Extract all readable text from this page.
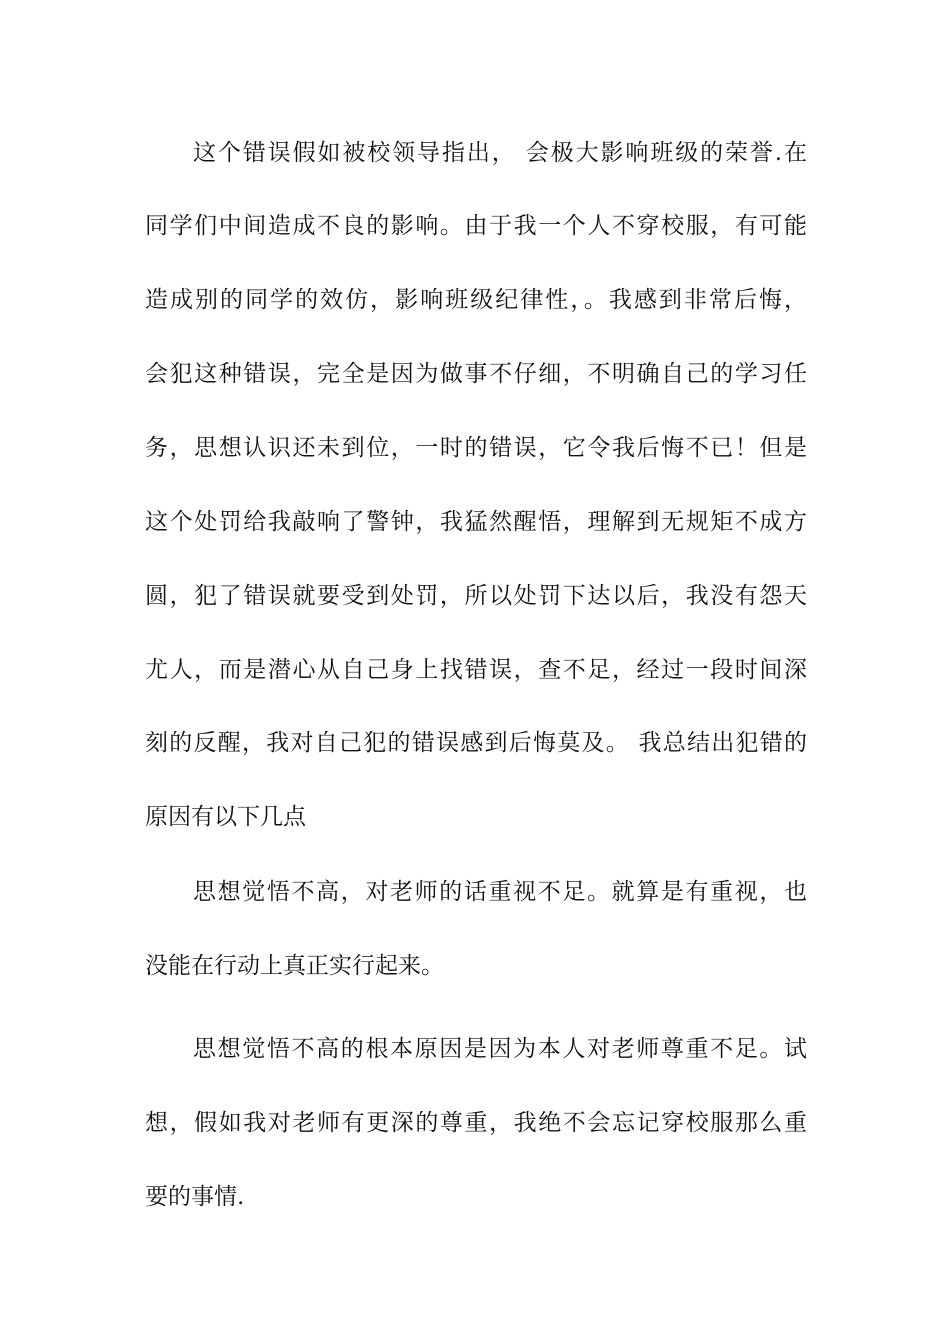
这个错误假如被校领导指出， 会极大影响班级的荣誉.在
同学们中间造成不良的影响。由于我一个人不穿校服，有可能
造成别的同学的效仿，影响班级纪律性，。我感到非常后悔，
会犯这种错误，完全是因为做事不仔细，不明确自己的学习任
务，思想认识还未到位，一时的错误，它令我后悔不已！但是
这个处罚给我敲响了警钟，我猛然醒悟，理解到无规矩不成方
圆，犯了错误就要受到处罚，所以处罚下达以后，我没有怨天
尤人，而是潜心从自己身上找错误，查不足，经过一段时间深
刻的反醒，我对自己犯的错误感到后悔莫及。 我总结出犯错的
原因有以下几点
思想觉悟不高，对老师的话重视不足。就算是有重视，也
没能在行动上真正实行起来。
思想觉悟不高的根本原因是因为本人对老师尊重不足。试
想，假如我对老师有更深的尊重，我绝不会忘记穿校服那么重
要的事情.
